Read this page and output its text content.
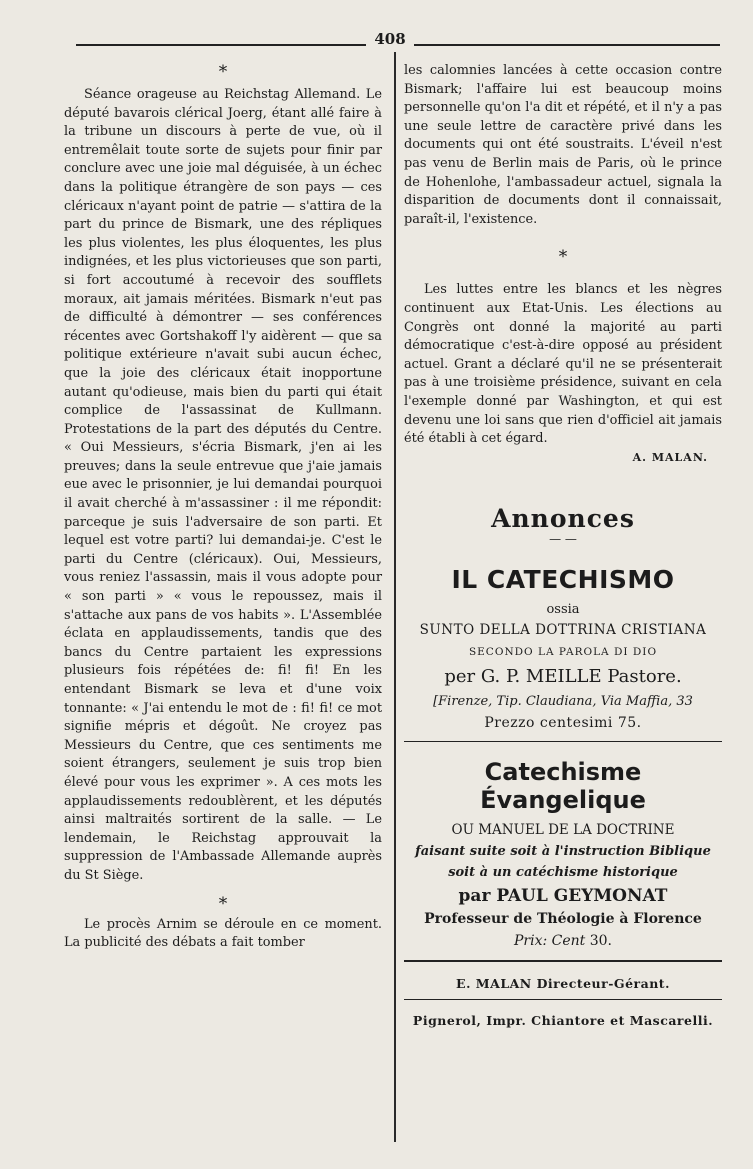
408

*

Séance orageuse au Reichstag Allemand. Le député bavarois clérical Joerg, étant allé faire à la tribune un discours à perte de vue, où il entremêlait toute sorte de sujets pour finir par conclure avec une joie mal déguisée, à un échec dans la politique étrangère de son pays — ces cléricaux n'ayant point de patrie — s'attira de la part du prince de Bismark, une des répliques les plus violentes, les plus éloquentes, les plus indignées, et les plus victorieuses que son parti, si fort accoutumé à recevoir des soufflets moraux, ait jamais méritées. Bismark n'eut pas de difficulté à démontrer — ses conférences récentes avec Gortshakoff l'y aidèrent — que sa politique extérieure n'avait subi aucun échec, que la joie des cléricaux était inopportune autant qu'odieuse, mais bien du parti qui était complice de l'assassinat de Kullmann. Protestations de la part des députés du Centre. « Oui Messieurs, s'écria Bismark, j'en ai les preuves; dans la seule entrevue que j'aie jamais eue avec le prisonnier, je lui demandai pourquoi il avait cherché à m'assassiner : il me répondit: parceque je suis l'adversaire de son parti. Et lequel est votre parti? lui demandai-je. C'est le parti du Centre (cléricaux). Oui, Messieurs, vous reniez l'assassin, mais il vous adopte pour « son parti » « vous le repoussez, mais il s'attache aux pans de vos habits ». L'Assemblée éclata en applaudissements, tandis que des bancs du Centre partaient les expressions plusieurs fois répétées de: fi! fi! En les entendant Bismark se leva et d'une voix tonnante: « J'ai entendu le mot de : fi! fi! ce mot signifie mépris et dégoût. Ne croyez pas Messieurs du Centre, que ces sentiments me soient étrangers, seulement je suis trop bien élevé pour vous les exprimer ». A ces mots les applaudissements redoublèrent, et les députés ainsi maltraités sortirent de la salle. — Le lendemain, le Reichstag approuvait la suppression de l'Ambassade Allemande auprès du St Siège.

*

Le procès Arnim se déroule en ce moment. La publicité des débats a fait tomber

les calomnies lancées à cette occasion contre Bismark; l'affaire lui est beaucoup moins personnelle qu'on l'a dit et répété, et il n'y a pas une seule lettre de caractère privé dans les documents qui ont été soustraits. L'éveil n'est pas venu de Berlin mais de Paris, où le prince de Hohenlohe, l'ambassadeur actuel, signala la disparition de documents dont il connaissait, paraît-il, l'existence.

*

Les luttes entre les blancs et les nègres continuent aux Etat-Unis. Les élections au Congrès ont donné la majorité au parti démocratique c'est-à-dire opposé au président actuel. Grant a déclaré qu'il ne se présenterait pas à une troisième présidence, suivant en cela l'exemple donné par Washington, et qui est devenu une loi sans que rien d'officiel ait jamais été établi à cet égard.

A. MALAN.

Annonces

— —

IL CATECHISMO

ossia

SUNTO DELLA DOTTRINA CRISTIANA

SECONDO LA PAROLA DI DIO

per G. P. MEILLE Pastore.

[Firenze, Tip. Claudiana, Via Maffia, 33

Prezzo centesimi 75.

Catechisme Évangelique

OU MANUEL DE LA DOCTRINE

faisant suite soit à l'instruction Biblique

soit à un catéchisme historique

par PAUL GEYMONAT

Professeur de Théologie à Florence

Prix: Cent 30.

E. MALAN Directeur-Gérant.

Pignerol, Impr. Chiantore et Mascarelli.
